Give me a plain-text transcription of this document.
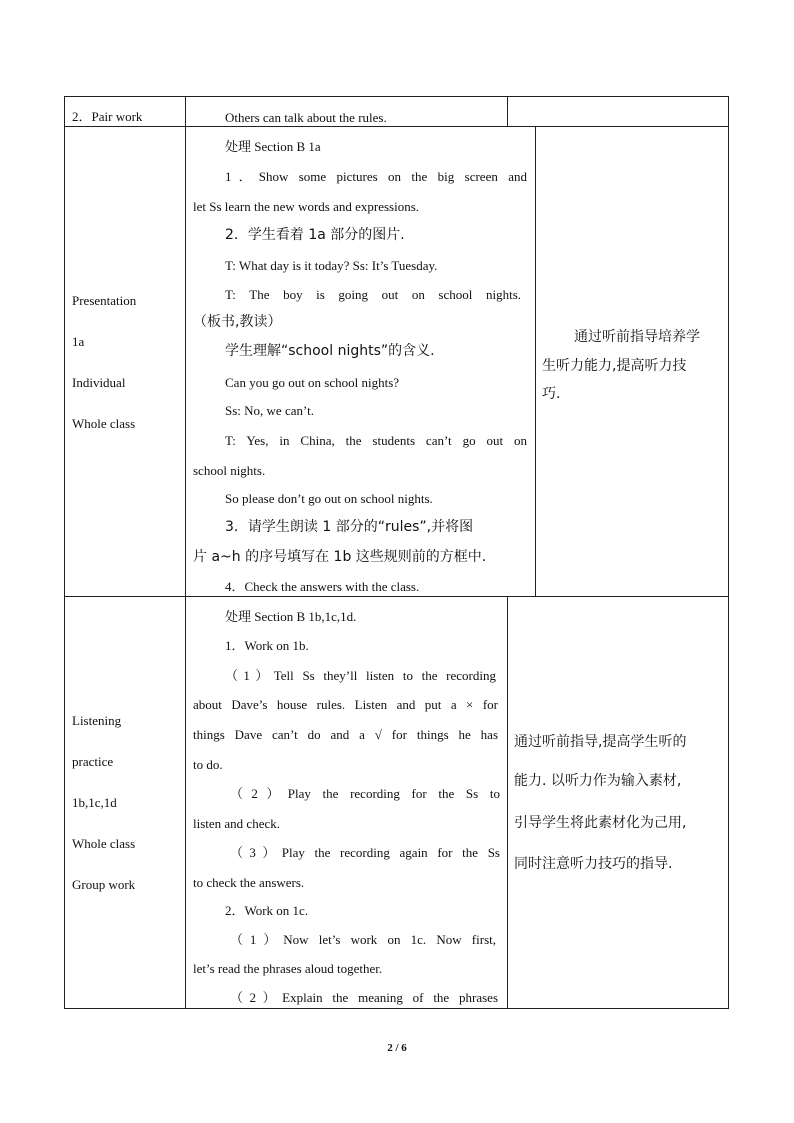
2．Pair work	Others can talk about the rules.
Presentation
1a
Individual
Whole class
处理 Section B 1a
1．Show some pictures on the big screen and
let Ss learn the new words and expressions.
2．学生看着 1a 部分的图片.
T: What day is it today? Ss: It’s Tuesday.
T: The boy is going out on school nights.
（板书,教读）
学生理解“school nights”的含义.
Can you go out on school nights?
Ss: No, we can’t.
T: Yes, in China, the students can’t go out on
school nights.
So please don’t go out on school nights.
3．请学生朗读 1 部分的“rules”,并将图
片 a~h 的序号填写在 1b 这些规则前的方框中.
4．Check the answers with the class.
通过听前指导培养学
生听力能力,提高听力技
巧.
Listening
practice
1b,1c,1d
Whole class
Group work
处理 Section B 1b,1c,1d.
1．Work on 1b.
（1）Tell Ss they’ll listen to the recording
about Dave’s house rules. Listen and put a × for
things Dave can’t do and a √ for things he has
to do.
（2）Play the recording for the Ss to
listen and check.
（3）Play the recording again for the Ss
to check the answers.
2．Work on 1c.
（1）Now let’s work on 1c. Now first,
let’s read the phrases aloud together.
（2）Explain the meaning of the phrases
通过听前指导,提高学生听的
能力. 以听力作为输入素材,
引导学生将此素材化为己用,
同时注意听力技巧的指导.
2 / 6
